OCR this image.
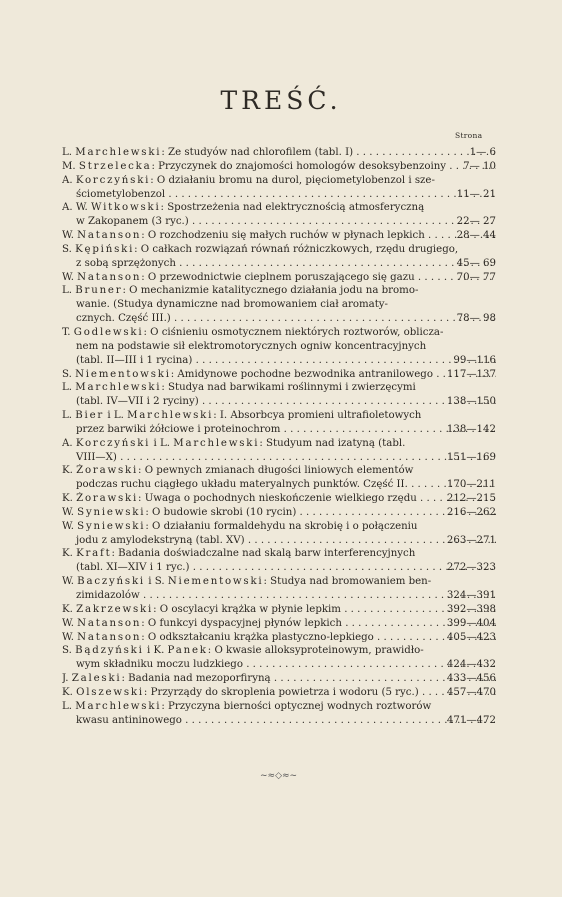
TREŚĆ.
Strona
L. Marchlewski: Ze studyów nad chlorofilem (tabl. I) . . .	1— 6
M. Strzelecka: Przyczynek do znajomości homologów desoksybenzoiny . . .	7— 10
A. Korczyński: O działaniu bromu na durol, pięciometylobenzol i sze-
ściometylobenzol . . .	11— 21
A. W. Witkowski: Spostrzeżenia nad elektrycznością atmosferyczną
w Zakopanem (3 ryc.) . . .	22— 27
W. Natanson: O rozchodzeniu się małych ruchów w płynach lepkich . . .	28— 44
S. Kępiński: O całkach rozwiązań równań różniczkowych, rzędu drugiego,
z sobą sprzężonych . . .	45— 69
W. Natanson: O przewodnictwie cieplnem poruszającego się gazu . . .	70— 77
L. Bruner: O mechanizmie katalitycznego działania jodu na bromo-
wanie. (Studya dynamiczne nad bromowaniem ciał aromaty-
cznych. Część III.) . . .	78— 98
T. Godlewski: O ciśnieniu osmotycznem niektórych roztworów, oblicza-
nem na podstawie sił elektromotorycznych ogniw koncentracyjnych
(tabl. II—III i 1 rycina) . . .	99—116
S. Niementowski: Amidynowe pochodne bezwodnika antranilowego . . .	117—137
L. Marchlewski: Studya nad barwikami roślinnymi i zwierzęcymi
(tabl. IV—VII i 2 ryciny) . . .	138—150
L. Bier i L. Marchlewski: I. Absorbcya promieni ultrafioletowych
przez barwiki żółciowe i proteinochrom . . .	138—142
A. Korczyński i L. Marchlewski: Studyum nad izatyną (tabl.
VIII—X) . . .	151—169
K. Żorawski: O pewnych zmianach długości liniowych elementów
podczas ruchu ciągłego układu materyalnych punktów. Część II. . . .	170—211
K. Żorawski: Uwaga o pochodnych nieskończenie wielkiego rzędu . . .	212—215
W. Syniewski: O budowie skrobi (10 rycin) . . .	216—262
W. Syniewski: O działaniu formaldehydu na skrobię i o połączeniu
jodu z amylodekstryną (tabl. XV) . . .	263—271
K. Kraft: Badania doświadczalne nad skalą barw interferencyjnych
(tabl. XI—XIV i 1 ryc.) . . .	272—323
W. Baczyński i S. Niementowski: Studya nad bromowaniem ben-
zimidazolów . . .	324—391
K. Zakrzewski: O oscylacyi krążka w płynie lepkim . . .	392—398
W. Natanson: O funkcyi dyspacyjnej płynów lepkich . . .	399—404
W. Natanson: O odkształcaniu krążka plastyczno-lepkiego . . .	405—423
S. Bądzyński i K. Panek: O kwasie alloksyproteinowym, prawidło-
wym składniku moczu ludzkiego . . .	424—432
J. Zaleski: Badania nad mezoporfiryną . . .	433—456
K. Olszewski: Przyrządy do skroplenia powietrza i wodoru (5 ryc.) . . .	457—470
L. Marchlewski: Przyczyna bierności optycznej wodnych roztworów
kwasu antininowego . . .	471—472
~≈◇≈~
